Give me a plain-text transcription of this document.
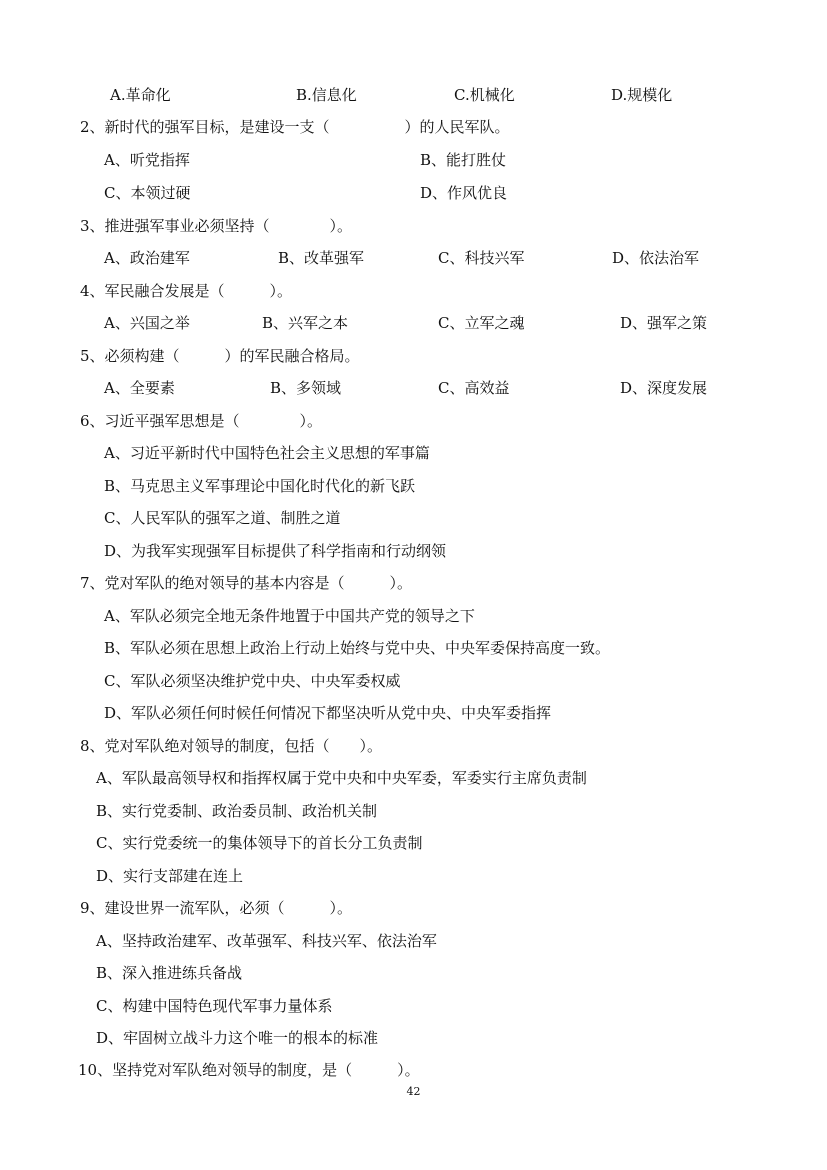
A.革命化	B.信息化	C.机械化	D.规模化
2、新时代的强军目标，是建设一支（　　　　　）的人民军队。
A、听党指挥	B、能打胜仗
C、本领过硬	D、作风优良
3、推进强军事业必须坚持（　　　　）。
A、政治建军	B、改革强军	C、科技兴军	D、依法治军
4、军民融合发展是（　　　）。
A、兴国之举	B、兴军之本	C、立军之魂	D、强军之策
5、必须构建（　　　）的军民融合格局。
A、全要素	B、多领域	C、高效益	D、深度发展
6、习近平强军思想是（　　　　）。
A、习近平新时代中国特色社会主义思想的军事篇
B、马克思主义军事理论中国化时代化的新飞跃
C、人民军队的强军之道、制胜之道
D、为我军实现强军目标提供了科学指南和行动纲领
7、党对军队的绝对领导的基本内容是（　　　）。
A、军队必须完全地无条件地置于中国共产党的领导之下
B、军队必须在思想上政治上行动上始终与党中央、中央军委保持高度一致。
C、军队必须坚决维护党中央、中央军委权威
D、军队必须任何时候任何情况下都坚决听从党中央、中央军委指挥
8、党对军队绝对领导的制度，包括（　　）。
A、军队最高领导权和指挥权属于党中央和中央军委，军委实行主席负责制
B、实行党委制、政治委员制、政治机关制
C、实行党委统一的集体领导下的首长分工负责制
D、实行支部建在连上
9、建设世界一流军队，必须（　　　）。
A、坚持政治建军、改革强军、科技兴军、依法治军
B、深入推进练兵备战
C、构建中国特色现代军事力量体系
D、牢固树立战斗力这个唯一的根本的标准
10、坚持党对军队绝对领导的制度，是（　　　）。
42
